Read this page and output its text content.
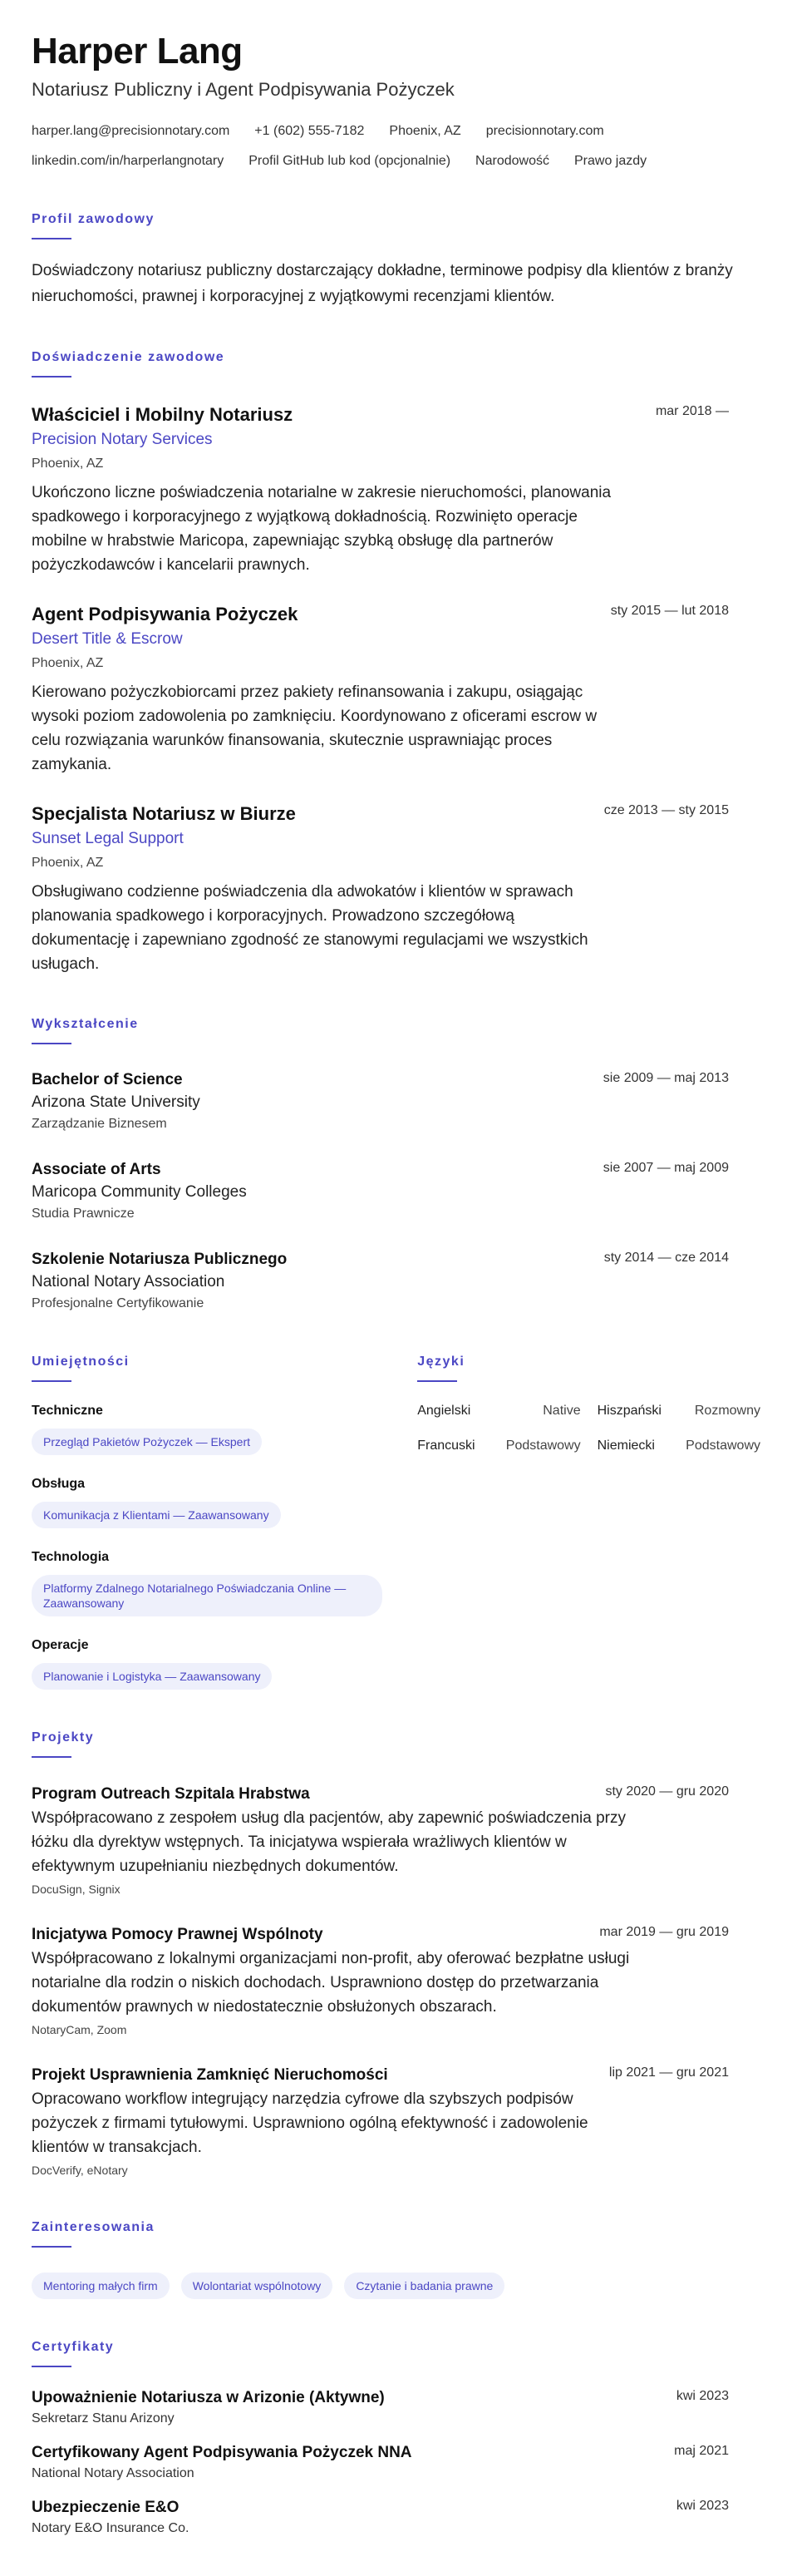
Harper Lang
Notariusz Publiczny i Agent Podpisywania Pożyczek
harper.lang@precisionnotary.com +1 (602) 555-7182 Phoenix, AZ precisionnotary.com
linkedin.com/in/harperlangnotary Profil GitHub lub kod (opcjonalnie) Narodowość Prawo jazdy
Profil zawodowy
Doświadczony notariusz publiczny dostarczający dokładne, terminowe podpisy dla klientów z branży nieruchomości, prawnej i korporacyjnej z wyjątkowymi recenzjami klientów.
Doświadczenie zawodowe
mar 2018 —
Właściciel i Mobilny Notariusz
Precision Notary Services
Phoenix, AZ
Ukończono liczne poświadczenia notarialne w zakresie nieruchomości, planowania spadkowego i korporacyjnego z wyjątkową dokładnością. Rozwinięto operacje mobilne w hrabstwie Maricopa, zapewniając szybką obsługę dla partnerów pożyczkodawców i kancelarii prawnych.
sty 2015 — lut 2018
Agent Podpisywania Pożyczek
Desert Title & Escrow
Phoenix, AZ
Kierowano pożyczkobiorcami przez pakiety refinansowania i zakupu, osiągając wysoki poziom zadowolenia po zamknięciu. Koordynowano z oficerami escrow w celu rozwiązania warunków finansowania, skutecznie usprawniając proces zamykania.
cze 2013 — sty 2015
Specjalista Notariusz w Biurze
Sunset Legal Support
Phoenix, AZ
Obsługiwano codzienne poświadczenia dla adwokatów i klientów w sprawach planowania spadkowego i korporacyjnych. Prowadzono szczegółową dokumentację i zapewniano zgodność ze stanowymi regulacjami we wszystkich usługach.
Wykształcenie
sie 2009 — maj 2013
Bachelor of Science
Arizona State University
Zarządzanie Biznesem
sie 2007 — maj 2009
Associate of Arts
Maricopa Community Colleges
Studia Prawnicze
sty 2014 — cze 2014
Szkolenie Notariusza Publicznego
National Notary Association
Profesjonalne Certyfikowanie
Umiejętności
Techniczne
Przegląd Pakietów Pożyczek — Ekspert
Obsługa
Komunikacja z Klientami — Zaawansowany
Technologia
Platformy Zdalnego Notarialnego Poświadczania Online — Zaawansowany
Operacje
Planowanie i Logistyka — Zaawansowany
Języki
Angielski	Native Hiszpański Rozmowny
Francuski Podstawowy Niemiecki Podstawowy
Projekty
sty 2020 — gru 2020
Program Outreach Szpitala Hrabstwa
Współpracowano z zespołem usług dla pacjentów, aby zapewnić poświadczenia przy łóżku dla dyrektyw wstępnych. Ta inicjatywa wspierała wrażliwych klientów w efektywnym uzupełnianiu niezbędnych dokumentów.
DocuSign, Signix
mar 2019 — gru 2019
Inicjatywa Pomocy Prawnej Wspólnoty
Współpracowano z lokalnymi organizacjami non-profit, aby oferować bezpłatne usługi notarialne dla rodzin o niskich dochodach. Usprawniono dostęp do przetwarzania dokumentów prawnych w niedostatecznie obsłużonych obszarach.
NotaryCam, Zoom
lip 2021 — gru 2021
Projekt Usprawnienia Zamknięć Nieruchomości
Opracowano workflow integrujący narzędzia cyfrowe dla szybszych podpisów pożyczek z firmami tytułowymi. Usprawniono ogólną efektywność i zadowolenie klientów w transakcjach.
DocVerify, eNotary
Zainteresowania
Mentoring małych firm	Wolontariat wspólnotowy	Czytanie i badania prawne
Certyfikaty
kwi 2023
Upoważnienie Notariusza w Arizonie (Aktywne)
Sekretarz Stanu Arizony
maj 2021
Certyfikowany Agent Podpisywania Pożyczek NNA
National Notary Association
kwi 2023
Ubezpieczenie E&O
Notary E&O Insurance Co.
